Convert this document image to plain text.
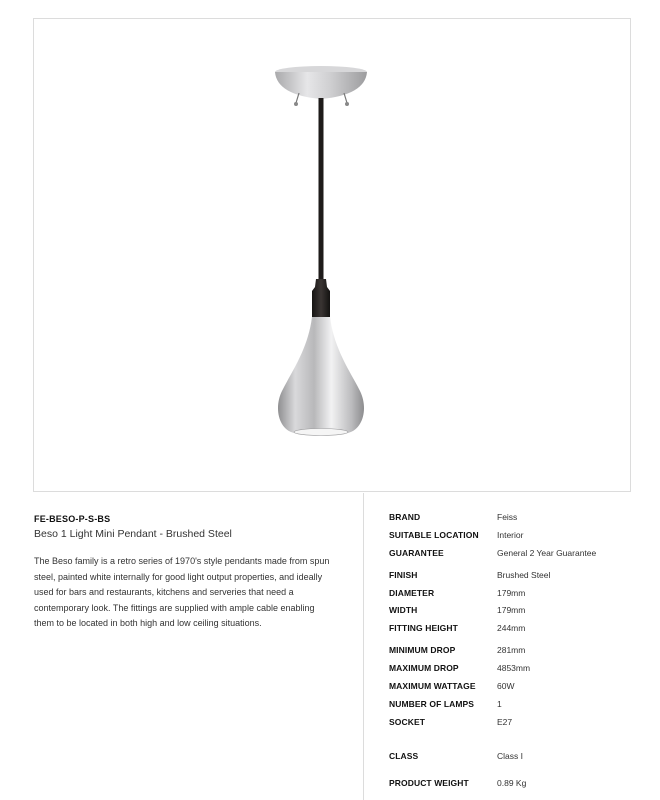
FE-BESO-P-S-BS
Beso 1 Light Mini Pendant - Brushed Steel
The Beso family is a retro series of 1970's style pendants made from spun steel, painted white internally for good light output properties, and ideally used for bars and restaurants, kitchens and serveries that need a contemporary look. The fittings are supplied with ample cable enabling them to be located in both high and low ceiling situations.
BRAND	Feiss
SUITABLE LOCATION Interior
GUARANTEE	General 2 Year Guarantee
FINISH	Brushed Steel
DIAMETER	179mm
WIDTH	179mm
FITTING HEIGHT	244mm
MINIMUM DROP	281mm
MAXIMUM DROP	4853mm
MAXIMUM WATTAGE	60W
NUMBER OF LAMPS	1
SOCKET	E27
CLASS	Class I
PRODUCT WEIGHT	0.89 Kg
